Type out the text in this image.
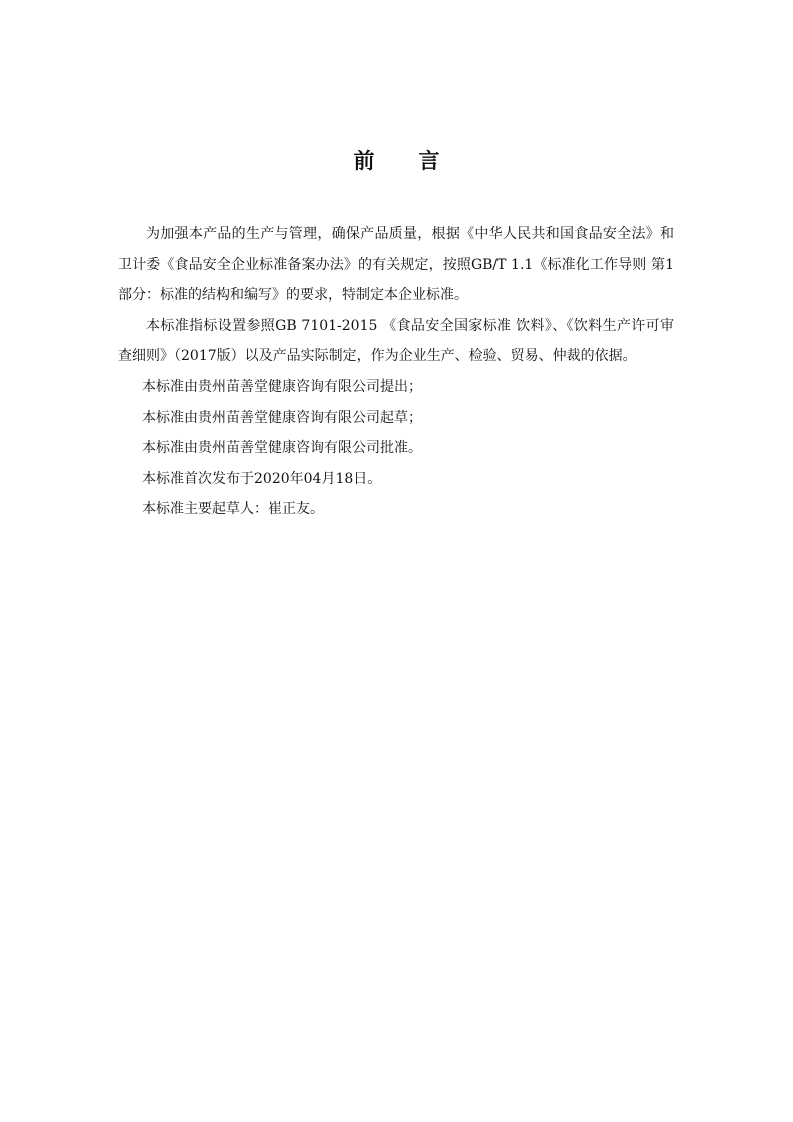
前 言

为加强本产品的生产与管理，确保产品质量，根据《中华人民共和国食品安全法》和卫计委《食品安全企业标准备案办法》的有关规定，按照GB/T 1.1《标准化工作导则 第1部分：标准的结构和编写》的要求，特制定本企业标准。

本标准指标设置参照GB 7101-2015 《食品安全国家标准 饮料》、《饮料生产许可审查细则》（2017版）以及产品实际制定，作为企业生产、检验、贸易、仲裁的依据。

本标准由贵州苗善堂健康咨询有限公司提出；

本标准由贵州苗善堂健康咨询有限公司起草；

本标准由贵州苗善堂健康咨询有限公司批准。

本标准首次发布于2020年04月18日。

本标准主要起草人：崔正友。
